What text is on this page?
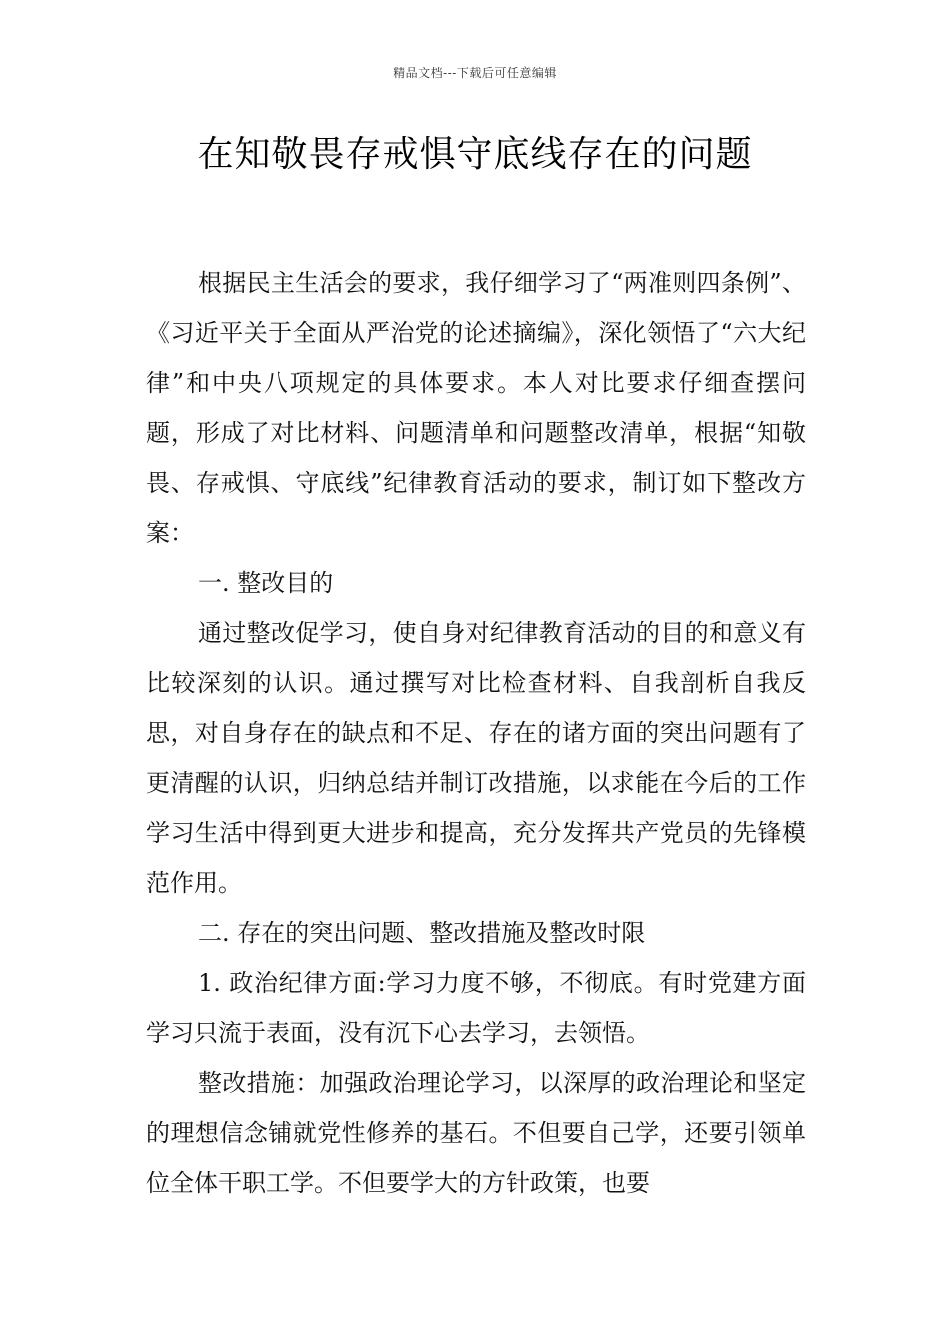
精品文档---下载后可任意编辑
在知敬畏存戒惧守底线存在的问题

根据民主生活会的要求，我仔细学习了“两准则四条例”、《习近平关于全面从严治党的论述摘编》，深化领悟了“六大纪律”和中央八项规定的具体要求。本人对比要求仔细查摆问题，形成了对比材料、问题清单和问题整改清单，根据“知敬畏、存戒惧、守底线”纪律教育活动的要求，制订如下整改方案：

一. 整改目的

通过整改促学习，使自身对纪律教育活动的目的和意义有比较深刻的认识。通过撰写对比检查材料、自我剖析自我反思，对自身存在的缺点和不足、存在的诸方面的突出问题有了更清醒的认识，归纳总结并制订改措施，以求能在今后的工作学习生活中得到更大进步和提高，充分发挥共产党员的先锋模范作用。

二. 存在的突出问题、整改措施及整改时限

1. 政治纪律方面:学习力度不够，不彻底。有时党建方面学习只流于表面，没有沉下心去学习，去领悟。

整改措施：加强政治理论学习，以深厚的政治理论和坚定的理想信念铺就党性修养的基石。不但要自己学，还要引领单位全体干职工学。不但要学大的方针政策，也要
